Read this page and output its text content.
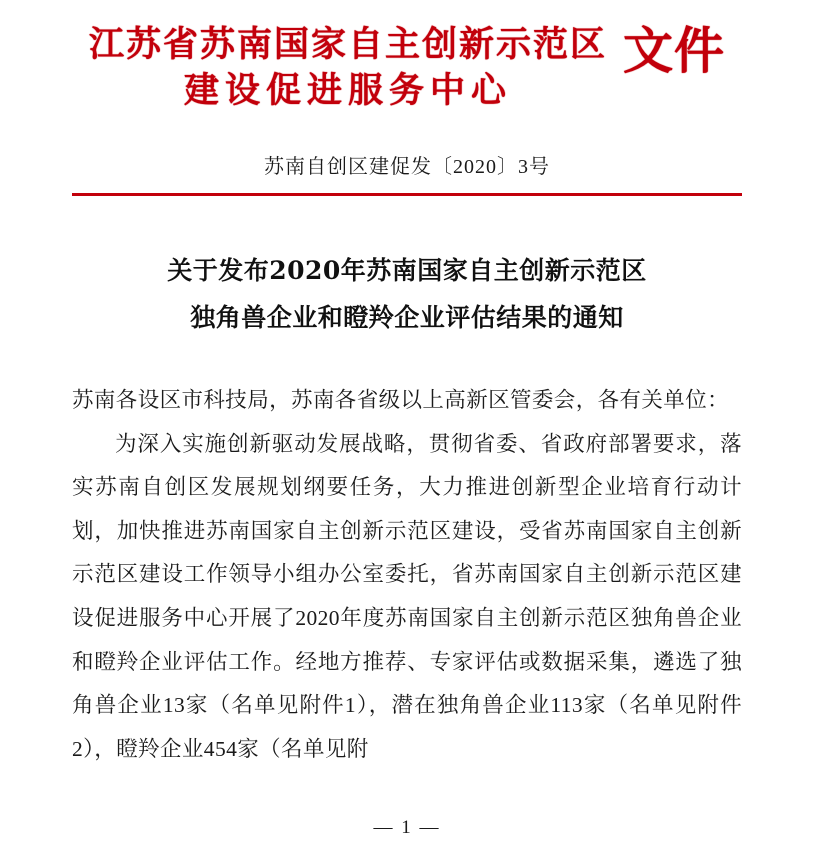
江苏省苏南国家自主创新示范区
建设促进服务中心
文件
苏南自创区建促发〔2020〕3号
关于发布2020年苏南国家自主创新示范区
独角兽企业和瞪羚企业评估结果的通知

苏南各设区市科技局，苏南各省级以上高新区管委会，各有关单位：

为深入实施创新驱动发展战略，贯彻省委、省政府部署要求，落实苏南自创区发展规划纲要任务，大力推进创新型企业培育行动计划，加快推进苏南国家自主创新示范区建设，受省苏南国家自主创新示范区建设工作领导小组办公室委托，省苏南国家自主创新示范区建设促进服务中心开展了2020年度苏南国家自主创新示范区独角兽企业和瞪羚企业评估工作。经地方推荐、专家评估或数据采集，遴选了独角兽企业13家（名单见附件1），潜在独角兽企业113家（名单见附件2），瞪羚企业454家（名单见附

— 1 —
